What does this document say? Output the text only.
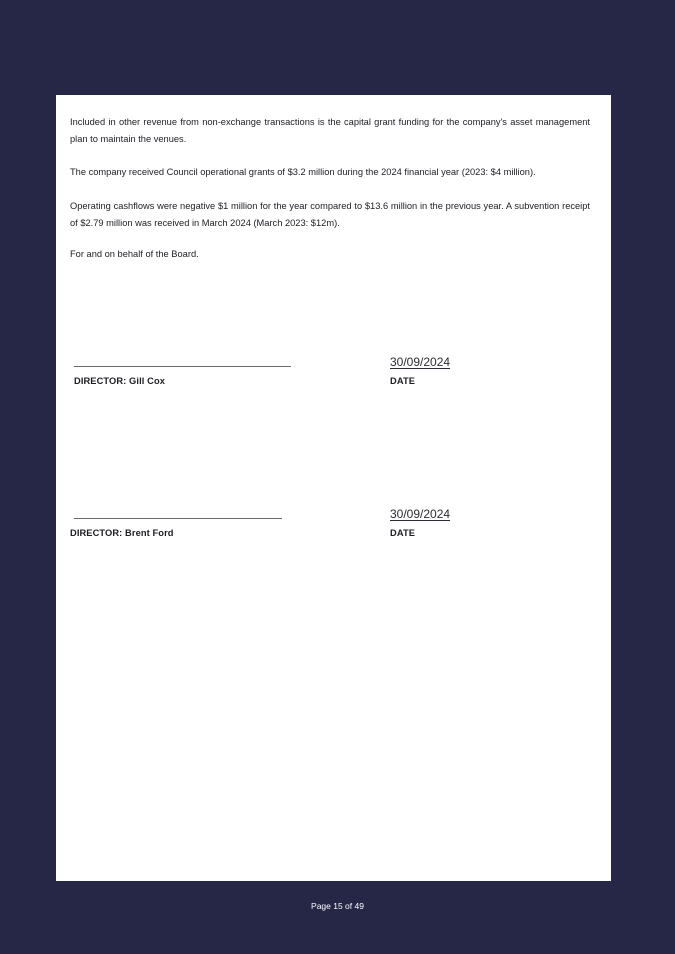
Included in other revenue from non-exchange transactions is the capital grant funding for the company's asset management plan to maintain the venues.

The company received Council operational grants of $3.2 million during the 2024 financial year (2023: $4 million).

Operating cashflows were negative $1 million for the year compared to $13.6 million in the previous year. A subvention receipt of $2.79 million was received in March 2024 (March 2023: $12m).

For and on behalf of the Board.

DIRECTOR: Gill Cox
30/09/2024
DATE
DIRECTOR: Brent Ford
30/09/2024
DATE
Page 15 of 49
